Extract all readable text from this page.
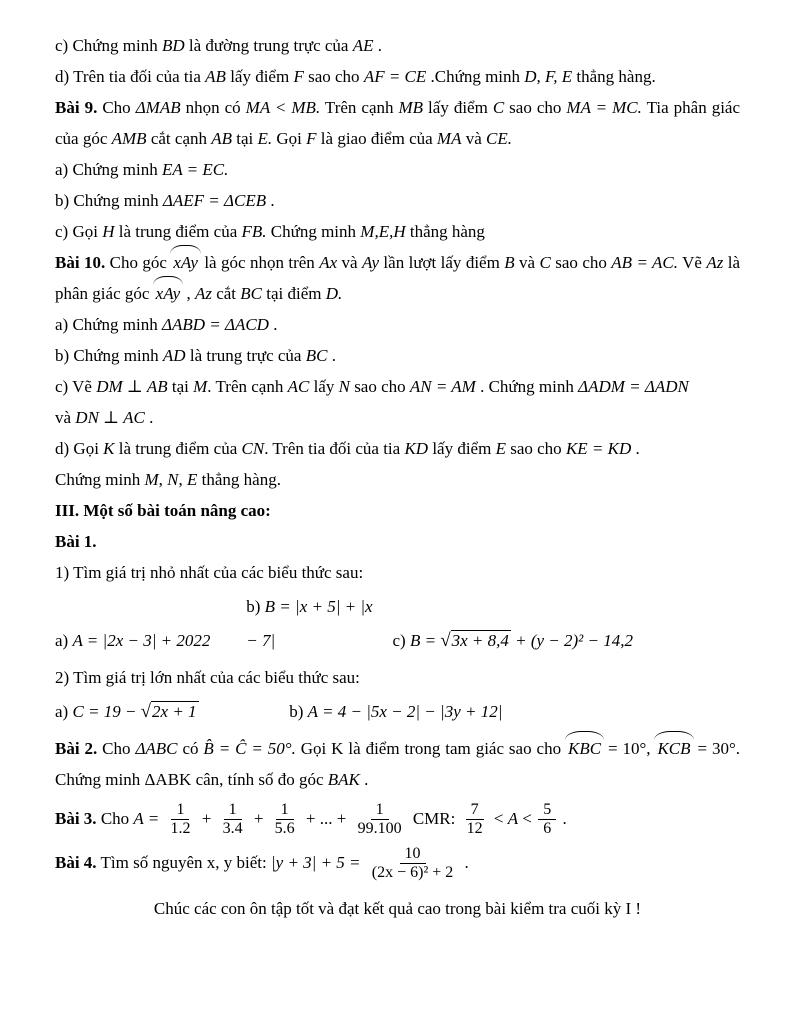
c) Chứng minh BD là đường trung trực của AE .

d) Trên tia đối của tia AB lấy điểm F sao cho AF = CE .Chứng minh D, F, E thẳng hàng.

Bài 9. Cho ΔMAB nhọn có MA < MB. Trên cạnh MB lấy điểm C sao cho MA = MC. Tia phân giác của góc AMB cắt cạnh AB tại E. Gọi F là giao điểm của MA và CE.

a) Chứng minh EA = EC.

b) Chứng minh ΔAEF = ΔCEB .

c) Gọi H là trung điểm của FB. Chứng minh M,E,H thẳng hàng

Bài 10. Cho góc xAy là góc nhọn trên Ax và Ay lần lượt lấy điểm B và C sao cho AB = AC. Vẽ Az là phân giác góc xAy , Az cắt BC tại điểm D.

a) Chứng minh ΔABD = ΔACD .

b) Chứng minh AD là trung trực của BC .

c) Vẽ DM ⊥ AB tại M. Trên cạnh AC lấy N sao cho AN = AM . Chứng minh ΔADM = ΔADN

và DN ⊥ AC .

d) Gọi K là trung điểm của CN. Trên tia đối của tia KD lấy điểm E sao cho KE = KD .

Chứng minh M, N, E thẳng hàng.

III. Một số bài toán nâng cao:

Bài 1.

1) Tìm giá trị nhỏ nhất của các biểu thức sau:

a) A = |2x − 3| + 2022 b) B = |x + 5| + |x − 7|	c) B = √3x + 8,4 + (y − 2)² − 14,2

2) Tìm giá trị lớn nhất của các biểu thức sau:

a) C = 19 − √2x + 1	b) A = 4 − |5x − 2| − |3y + 12|

Bài 2. Cho ΔABC có B̂ = Ĉ = 50°. Gọi K là điểm trong tam giác sao cho KBC = 10°, KCB = 30°. Chứng minh ΔABK cân, tính số đo góc BAK .

Bài 3. Cho $A = \frac{1}{1.2} + \frac{1}{3.4} + \frac{1}{5.6}$ + ... + $\frac{1}{99.100}$ CMR: $\frac{7}{12} < A < \frac{5}{6}$ .

Bài 4. Tìm số nguyên x, y biết: $|y + 3| + 5 = \frac{10}{\text{(2x − 6)² + 2}}$ .

Chúc các con ôn tập tốt và đạt kết quả cao trong bài kiểm tra cuối kỳ I !
